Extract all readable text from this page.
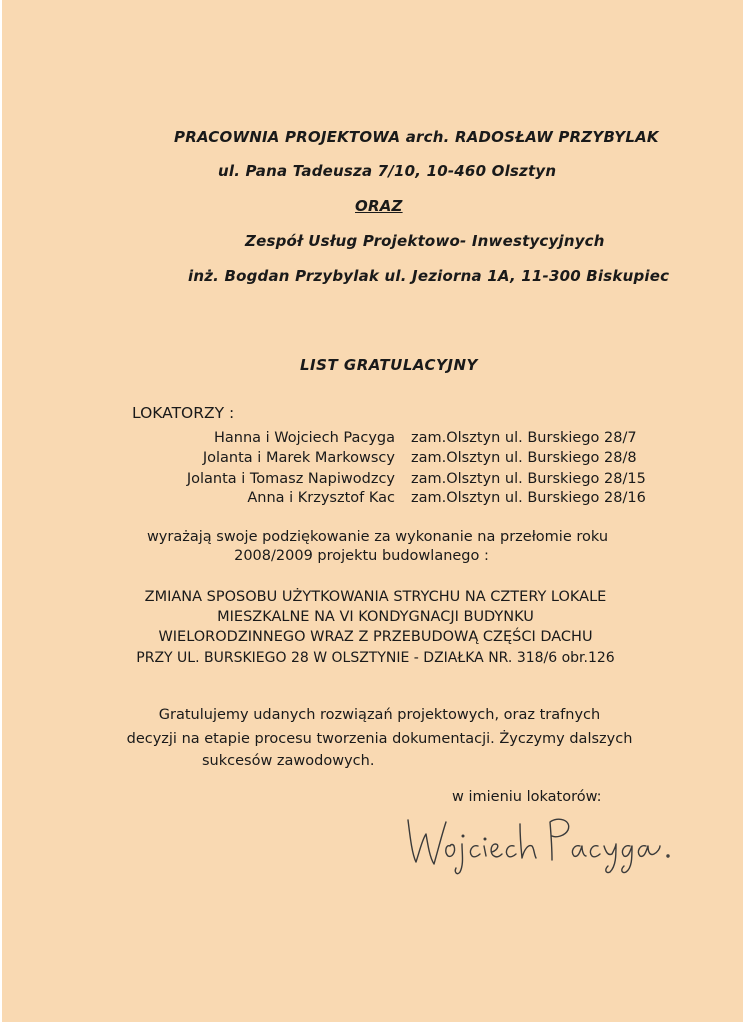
PRACOWNIA PROJEKTOWA arch. RADOSŁAW PRZYBYLAK
ul. Pana Tadeusza 7/10, 10-460 Olsztyn
ORAZ
Zespół Usług Projektowo- Inwestycyjnych
inż. Bogdan Przybylak ul. Jeziorna 1A, 11-300 Biskupiec
LIST GRATULACYJNY
LOKATORZY :
Hanna i Wojciech Pacyga zam.Olsztyn ul. Burskiego 28/7
Jolanta i Marek Markowscy zam.Olsztyn ul. Burskiego 28/8
Jolanta i Tomasz Napiwodzcy zam.Olsztyn ul. Burskiego 28/15
Anna i Krzysztof Kac zam.Olsztyn ul. Burskiego 28/16
wyrażają swoje podziękowanie za wykonanie na przełomie roku
2008/2009 projektu budowlanego :
ZMIANA SPOSOBU UŻYTKOWANIA STRYCHU NA CZTERY LOKALE
MIESZKALNE NA VI KONDYGNACJI BUDYNKU
WIELORODZINNEGO WRAZ Z PRZEBUDOWĄ CZĘŚCI DACHU
PRZY UL. BURSKIEGO 28 W OLSZTYNIE - DZIAŁKA NR. 318/6 obr.126
Gratulujemy udanych rozwiązań projektowych, oraz trafnych
decyzji na etapie procesu tworzenia dokumentacji. Życzymy dalszych
sukcesów zawodowych.
w imieniu lokatorów:
